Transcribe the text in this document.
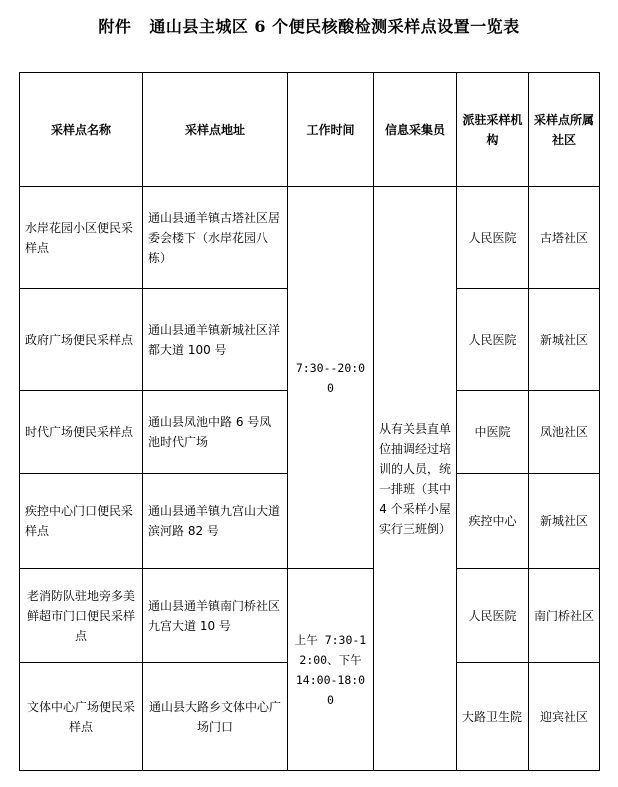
附件 通山县主城区 6 个便民核酸检测采样点设置一览表
采样点名称	采样点地址	工作时间	信息采集员	派驻采样机构	采样点所属社区
水岸花园小区便民采样点	通山县通羊镇古塔社区居委会楼下（水岸花园八栋）	7:30--20:00	从有关县直单位抽调经过培训的人员，统一排班（其中 4 个采样小屋实行三班倒）	人民医院	古塔社区
政府广场便民采样点	通山县通羊镇新城社区洋都大道 100 号			人民医院	新城社区
时代广场便民采样点	通山县凤池中路 6 号凤池时代广场			中医院	凤池社区
疾控中心门口便民采样点	通山县通羊镇九宫山大道滨河路 82 号			疾控中心	新城社区
老消防队驻地旁多美鲜超市门口便民采样点	通山县通羊镇南门桥社区九宫大道 10 号	上午 7:30-12:00、下午 14:00-18:00		人民医院	南门桥社区
文体中心广场便民采样点	通山县大路乡文体中心广场门口			大路卫生院	迎宾社区
